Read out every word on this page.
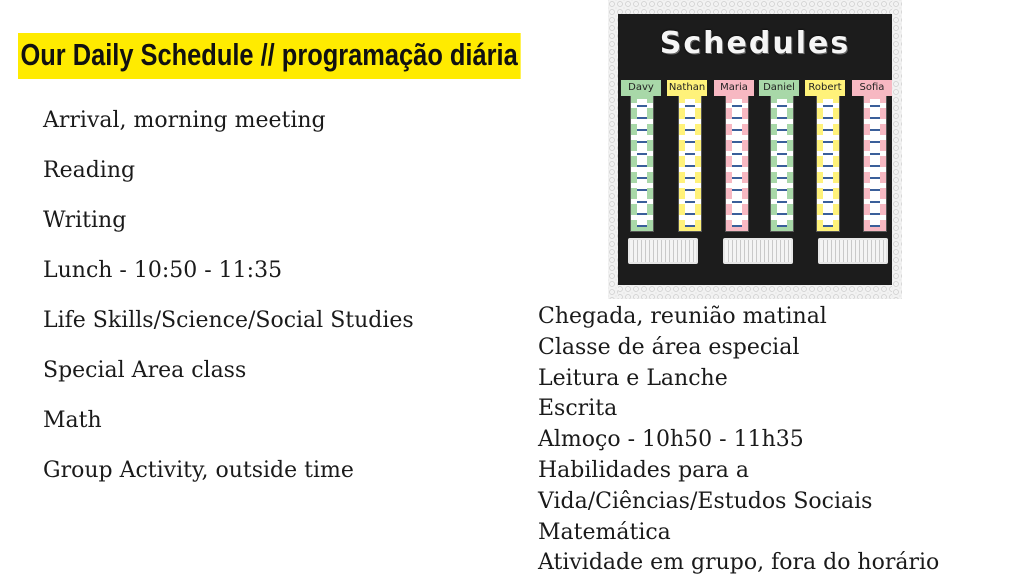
Our Daily Schedule // programação diária
Arrival, morning meeting
Reading
Writing
Lunch - 10:50 - 11:35
Life Skills/Science/Social Studies
Special Area class
Math
Group Activity, outside time
Chegada, reunião matinal
Classe de área especial
Leitura e Lanche
Escrita
Almoço - 10h50 - 11h35
Habilidades para a
Vida/Ciências/Estudos Sociais
Matemática
Atividade em grupo, fora do horário
Schedules
Davy	Nathan	Maria	Daniel	Robert	Sofia
